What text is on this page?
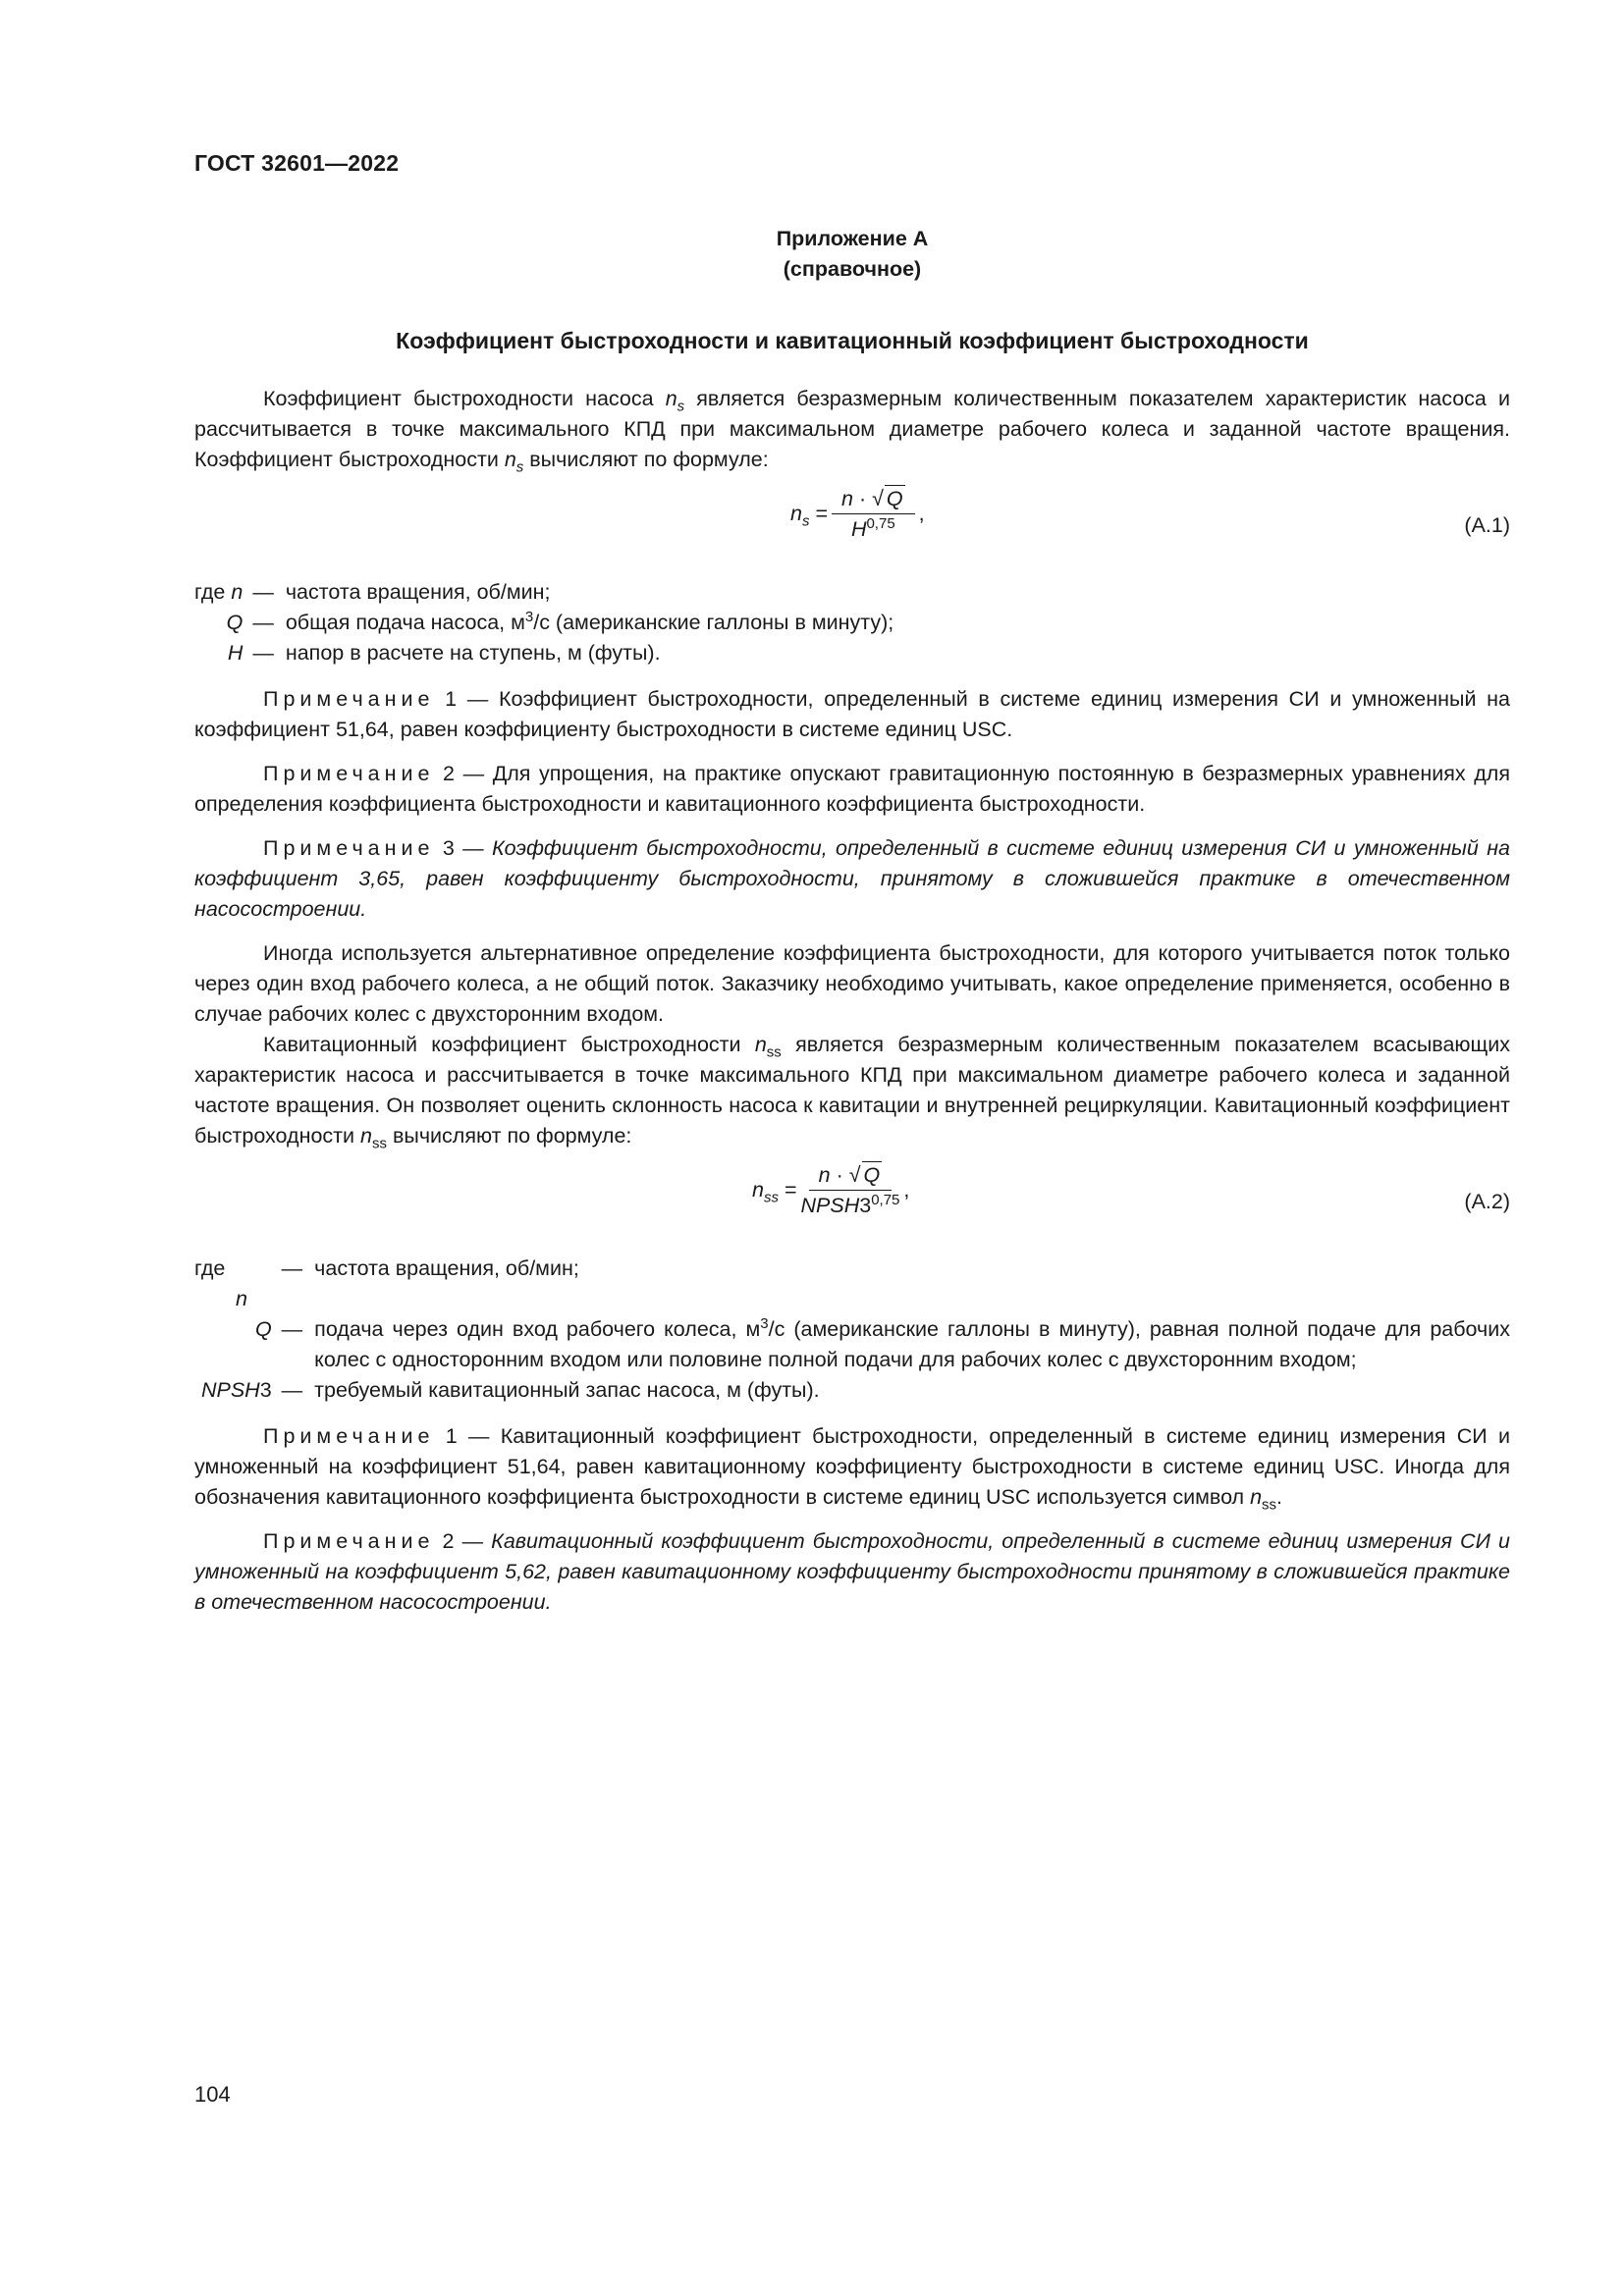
ГОСТ 32601—2022
Приложение А
(справочное)
Коэффициент быстроходности и кавитационный коэффициент быстроходности

Коэффициент быстроходности насоса $n_s$ является безразмерным количественным показателем характеристик насоса и рассчитывается в точке максимального КПД при максимальном диаметре рабочего колеса и заданной частоте вращения. Коэффициент быстроходности $n_s$ вычисляют по формуле:

$n_s = \frac{n \cdot √ Q}{H^{0,75}}$ ,
(А.1)
где n	—	частота вращения, об/мин;
Q	—	общая подача насоса, $м^3/с$ (американские галлоны в минуту);
H	—	напор в расчете на ступень, м (футы).

Примечание 1 — Коэффициент быстроходности, определенный в системе единиц измерения СИ и умноженный на коэффициент 51,64, равен коэффициенту быстроходности в системе единиц USC.

Примечание 2 — Для упрощения, на практике опускают гравитационную постоянную в безразмерных уравнениях для определения коэффициента быстроходности и кавитационного коэффициента быстроходности.

Примечание 3 — Коэффициент быстроходности, определенный в системе единиц измерения СИ и умноженный на коэффициент 3,65, равен коэффициенту быстроходности, принятому в сложившейся практике в отечественном насосостроении.

Иногда используется альтернативное определение коэффициента быстроходности, для которого учитывается поток только через один вход рабочего колеса, а не общий поток. Заказчику необходимо учитывать, какое определение применяется, особенно в случае рабочих колес с двухсторонним входом.

Кавитационный коэффициент быстроходности $n_{ss}$ является безразмерным количественным показателем всасывающих характеристик насоса и рассчитывается в точке максимального КПД при максимальном диаметре рабочего колеса и заданной частоте вращения. Он позволяет оценить склонность насоса к кавитации и внутренней рециркуляции. Кавитационный коэффициент быстроходности $n_{ss}$ вычисляют по формуле:

$n_{ss} = \frac{n \cdot √ Q}{NPSH3^{0,75}}$ ,
(А.2)
гдеn	—	частота вращения, об/мин;
Q	—	подача через один вход рабочего колеса, $м^3/с$ (американские галлоны в минуту), равная полной подаче для рабочих колес с односторонним входом или половине полной подачи для рабочих колес с двухсторонним входом;
NPSH3	—	требуемый кавитационный запас насоса, м (футы).

Примечание 1 — Кавитационный коэффициент быстроходности, определенный в системе единиц измерения СИ и умноженный на коэффициент 51,64, равен кавитационному коэффициенту быстроходности в системе единиц USC. Иногда для обозначения кавитационного коэффициента быстроходности в системе единиц USC используется символ $n_{ss}$.

Примечание 2 — Кавитационный коэффициент быстроходности, определенный в системе единиц измерения СИ и умноженный на коэффициент 5,62, равен кавитационному коэффициенту быстроходности принятому в сложившейся практике в отечественном насосостроении.

104
